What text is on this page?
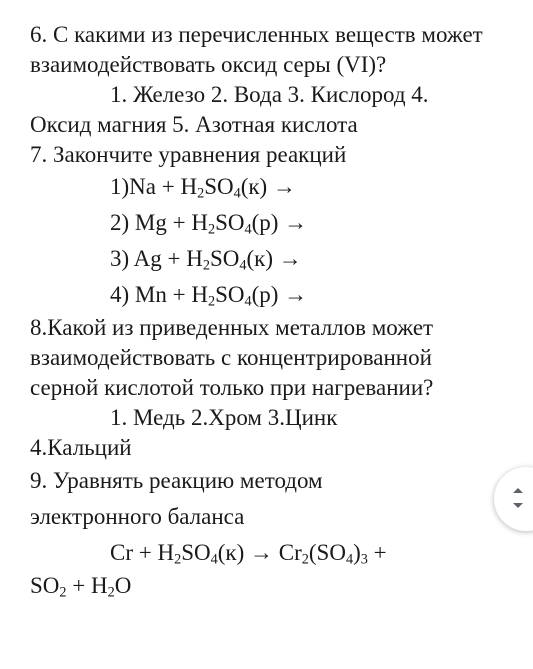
6. С какими из перечисленных веществ может взаимодействовать оксид серы (VI)?

1. Железо 2. Вода 3. Кислород 4.

Оксид магния 5. Азотная кислота

7. Закончите уравнения реакций

$1)Na + H_2SO_4(к)$ →

2) $Mg + H_2SO_4(р)$ →

3) $Ag + H_2SO_4(к)$ →

4) $Mn + H_2SO_4(р)$ →

8.Какой из приведенных металлов может взаимодействовать с концентрированной серной кислотой только при нагревании?

1. Медь 2.Хром 3.Цинк

4.Кальций

9. Уравнять реакцию методом

электронного баланса

$Cr + H_2SO_4(к) \to Cr_2(SO_4)_3$ +

$SO_2 + H_2O$
